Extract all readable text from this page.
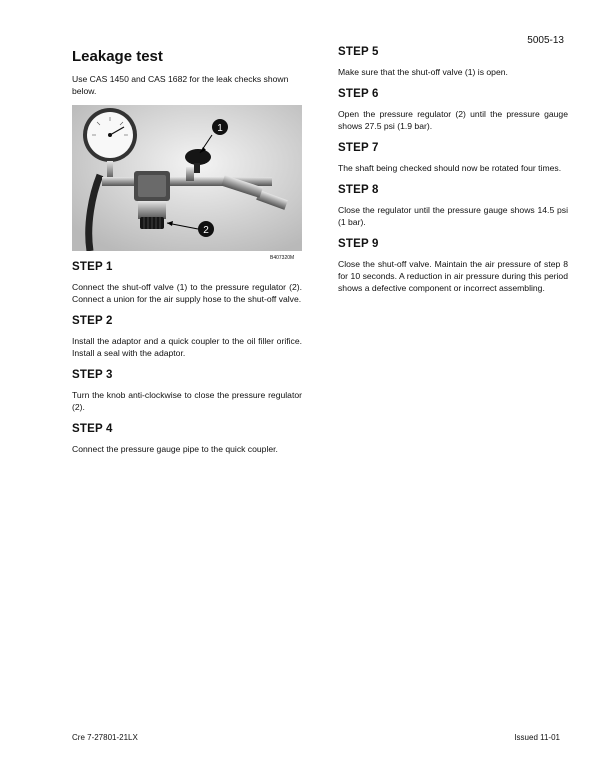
5005-13
Leakage test

Use CAS 1450 and CAS 1682 for the leak checks shown below.

1
2
B407320M
STEP 1

Connect the shut-off valve (1) to the pressure regulator (2). Connect a union for the air supply hose to the shut-off valve.

STEP 2

Install the adaptor and a quick coupler to the oil filler orifice. Install a seal with the adaptor.

STEP 3

Turn the knob anti-clockwise to close the pressure regulator (2).

STEP 4

Connect the pressure gauge pipe to the quick coupler.

STEP 5

Make sure that the shut-off valve (1) is open.

STEP 6

Open the pressure regulator (2) until the pressure gauge shows 27.5 psi (1.9 bar).

STEP 7

The shaft being checked should now be rotated four times.

STEP 8

Close the regulator until the pressure gauge shows 14.5 psi (1 bar).

STEP 9

Close the shut-off valve. Maintain the air pressure of step 8 for 10 seconds. A reduction in air pressure during this period shows a defective component or incorrect assembling.

Cre 7-27801-21LX	Issued 11-01
